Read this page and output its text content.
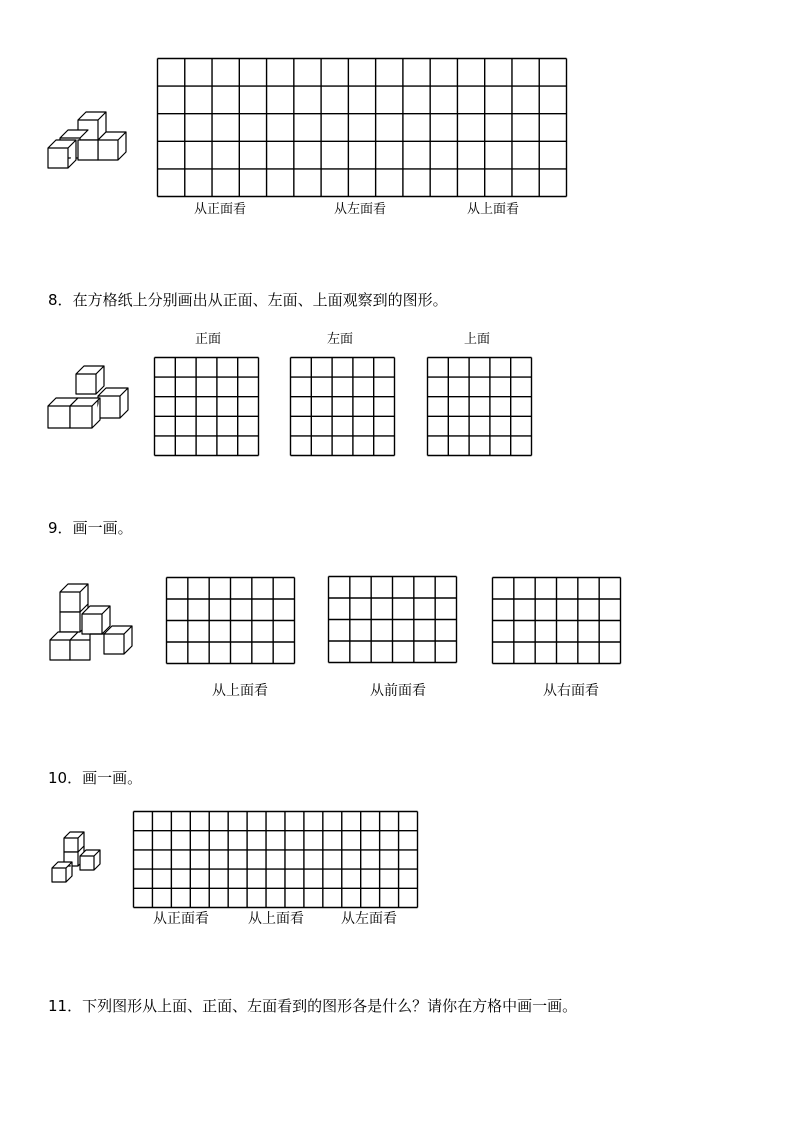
从正面看	从左面看	从上面看
8．在方格纸上分别画出从正面、左面、上面观察到的图形。
正面	左面	上面
9．画一画。
从上面看	从前面看	从右面看
10．画一画。
从正面看	从上面看	从左面看
11．下列图形从上面、正面、左面看到的图形各是什么？请你在方格中画一画。
